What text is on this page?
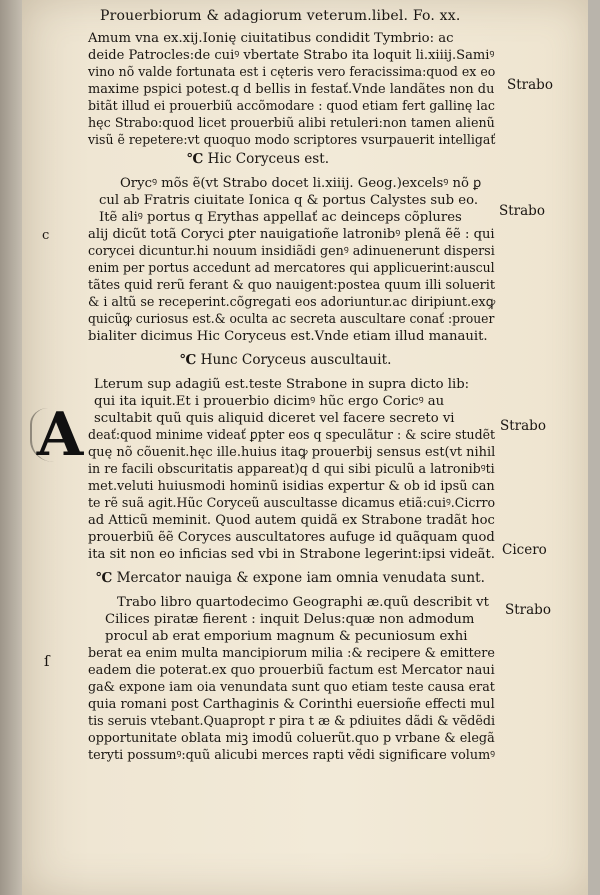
Prouerbiorum & adagiorum veterum.libel. Fo. xx.
Amum vna ex.xij.Ionię ciuitatibus condidit Tymbrio: ac
deide Patrocles:de cuiꝰ vbertate Strabo ita loquit li.xiiij.Samiꝰ
vino nõ valde fortunata est i cęteris vero feracissima:quod ex eo
maxime pspici potest.q d bellis in festať.Vnde landãtes non du
bitãt illud ei prouerbiũ accõmodare : quod etiam fert gallinę lac
hęc Strabo:quod licet prouerbiũ alibi retuleri:non tamen alienũ
visũ ẽ repetere:vt quoquo modo scriptores vsurpauerit intelligať
℃ Hic Coryceus est.
Orycꝰ mõs ẽ(vt Strabo docet li.xiiij. Geog.)excelsꝰ nõ ꝑ
cul ab Fratris ciuitate Ionica q & portus Calystes sub eo.
Itẽ aliꝰ portus q Erythas appellať ac deinceps cõplures
alij dicũt totã Coryci ꝑter nauigatioñe latronibꝰ plenã ẽẽ : qui
corycei dicuntur.hi nouum insidiãdi genꝰ adinuenerunt dispersi
enim per portus accedunt ad mercatores qui applicuerint:auscul
tãtes quid rerũ ferant & quo nauigent:postea quum illi soluerit
& i altũ se receperint.cõgregati eos adoriuntur.ac diripiunt.exꝙ
quicũꝙ curiosus est.& oculta ac secreta auscultare conať :prouer
bialiter dicimus Hic Coryceus est.Vnde etiam illud manauit.
℃ Hunc Coryceus auscultauit.
A
Lterum sup adagiũ est.teste Strabone in supra dicto lib:
qui ita iquit.Et i prouerbio dicimꝰ hũc ergo Coricꝰ au
scultabit quũ quis aliquid diceret vel facere secreto vi
deať:quod minime videať ꝑpter eos q speculãtur : & scire studẽt
quę nõ cõuenit.hęc ille.huius itaꝙ prouerbij sensus est(vt nihil
in re facili obscuritatis appareat)q d qui sibi piculũ a latronibꝰti
met.veluti huiusmodi hominũ isidias expertur & ob id ipsũ can
te rẽ suã agit.Hũc Coryceũ auscultasse dicamus etiã:cuiꝰ.Cicrro
ad Atticũ meminit. Quod autem quidã ex Strabone tradãt hoc
prouerbiũ ẽẽ Coryces auscultatores aufuge id quãquam quod
ita sit non eo inficias sed vbi in Strabone legerint:ipsi videãt.
℃ Mercator nauiga & expone iam omnia venudata sunt.
Trabo libro quartodecimo Geographi æ.quũ describit vt
Cilices piratæ fierent : inquit Delus:quæ non admodum
procul ab erat emporium magnum & pecuniosum exhi
berat ea enim multa mancipiorum milia :& recipere & emittere
eadem die poterat.ex quo prouerbiũ factum est Mercator naui
ga& expone iam oia venundata sunt quo etiam teste causa erat
quia romani post Carthaginis & Corinthi euersioñe effecti mul
tis seruis vtebant.Quapropt r pira t æ & pdiuites dãdi & vẽdẽdi
opportunitate oblata miꝫ imodũ coluerũt.quo p vrbane & elegã
teryti possumꝰ:quũ alicubi merces rapti vẽdi significare volumꝰ
Strabo
Strabo
Strabo
Cicero
Strabo
c
ſ
